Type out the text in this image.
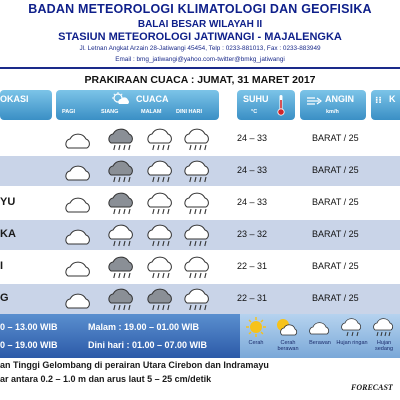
BADAN METEOROLOGI KLIMATOLOGI DAN GEOFISIKA
BALAI BESAR WILAYAH II
STASIUN METEOROLOGI JATIWANGI - MAJALENGKA
Jl. Letnan Angkat Arzain 28-Jatiwangi 45454, Telp : 0233-881013, Fax : 0233-883949
Email : bmg_jatiwangi@yahoo.com-twitter@bmkg_jatiwangi
PRAKIRAAN CUACA : JUMAT, 31 MARET 2017
OKASI	CUACA
PAGI	SIANG	MALAM	DINI HARI
SUHU
°C
ANGIN
km/h
⁝⁝ K
24 – 33	BARAT / 25
24 – 33	BARAT / 25
YU	24 – 33	BARAT / 25
KA	23 – 32	BARAT / 25
I	22 – 31	BARAT / 25
G	22 – 31	BARAT / 25
0 – 13.00 WIB
0 – 19.00 WIB
Malam : 19.00 – 01.00 WIB
Dini hari : 01.00 – 07.00 WIB	Cerah	Cerah berawan
Berawan	Hujan ringan	Hujan sedang
an Tinggi Gelombang di perairan Utara Cirebon dan Indramayu
ar antara 0.2 – 1.0 m dan arus laut 5 – 25 cm/detik
FORECAST
